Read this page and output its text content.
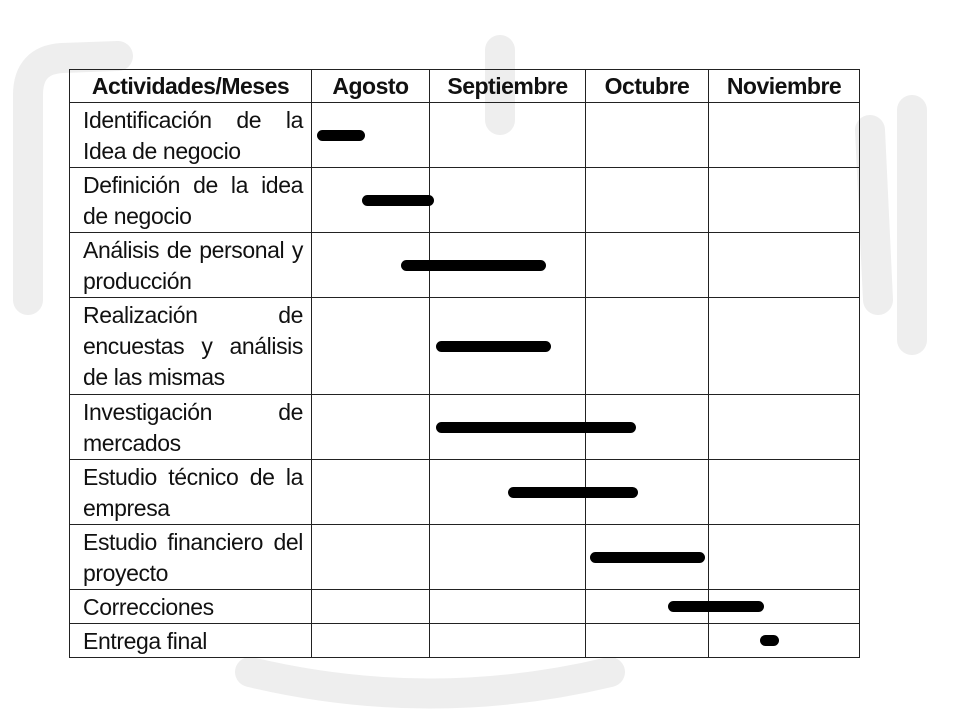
Actividades/Meses	Agosto	Septiembre	Octubre	Noviembre
Identificación de la Idea de negocio				
Definición de la idea de negocio				
Análisis de personal y producción				
Realización de encuestas y análisis de las mismas				
Investigación de mercados				
Estudio técnico de la empresa				
Estudio financiero del proyecto				
Correcciones				
Entrega final				
